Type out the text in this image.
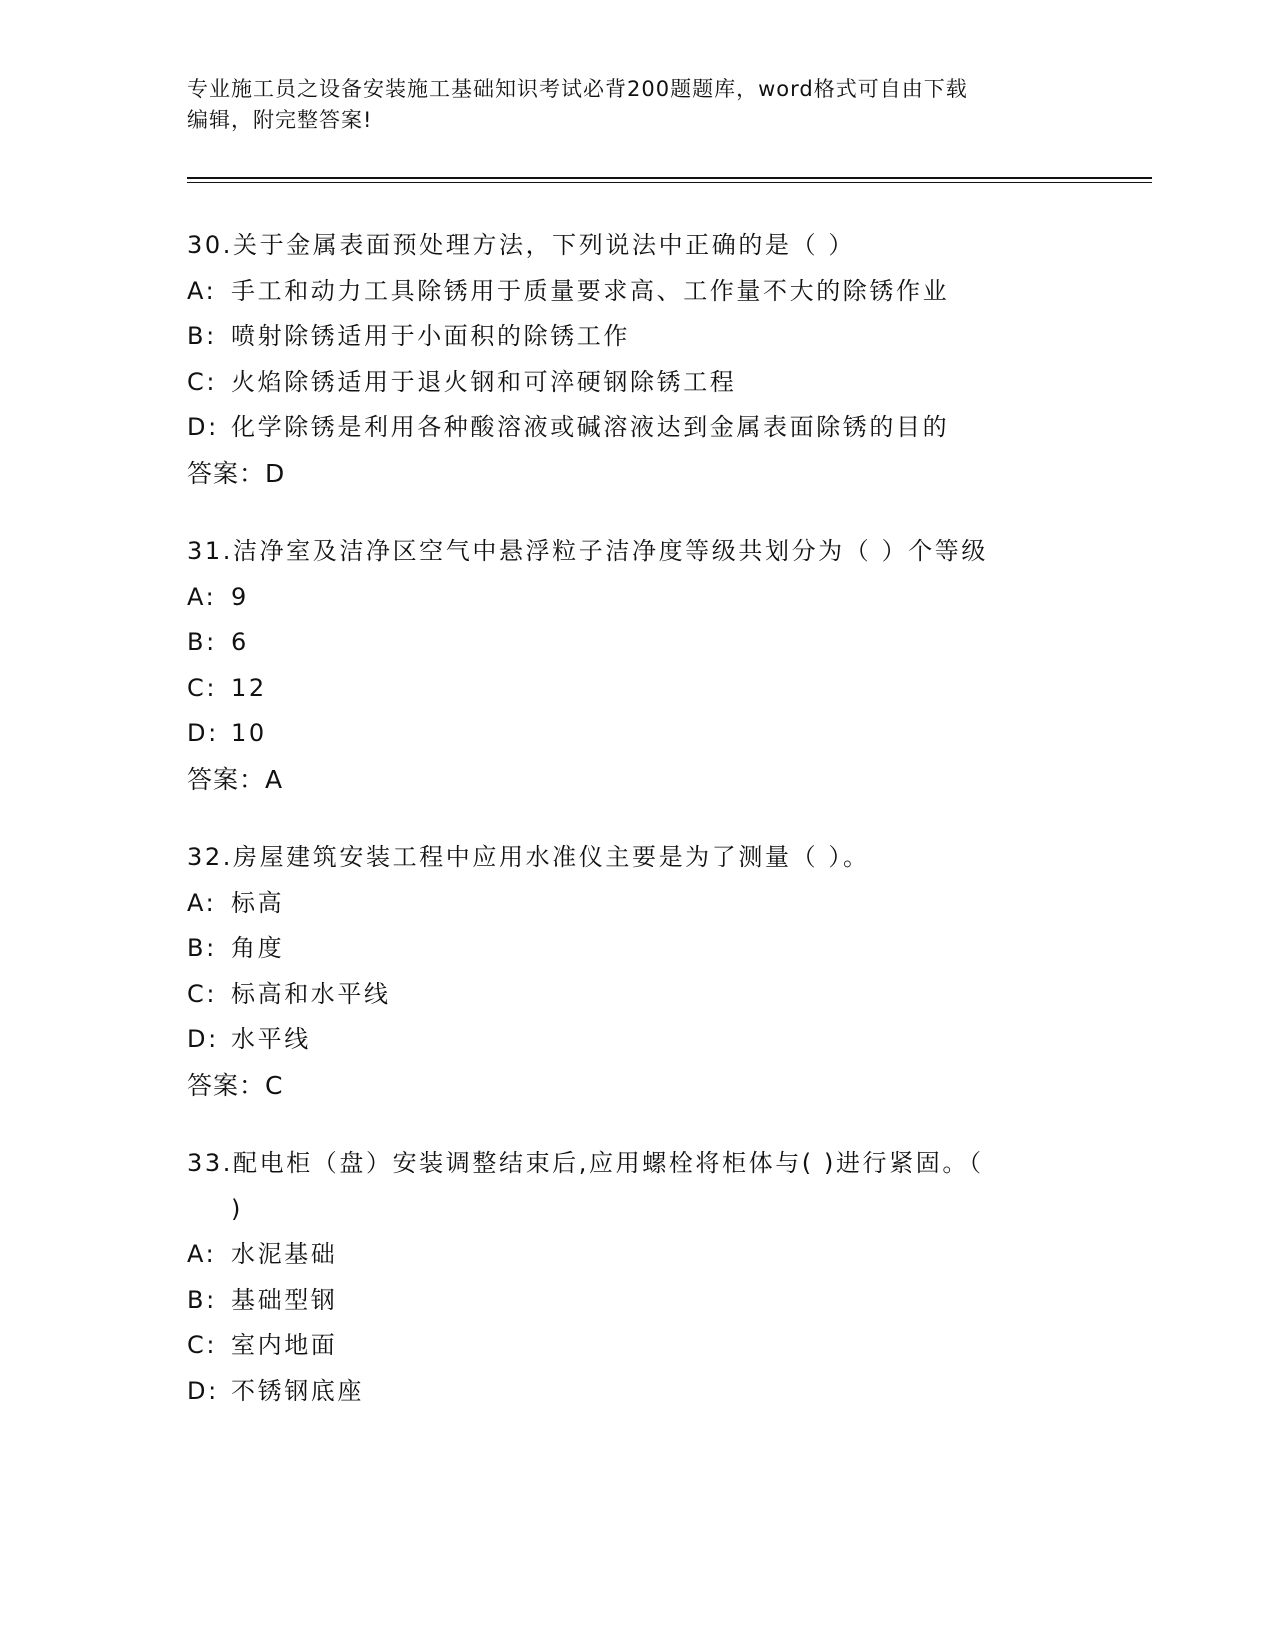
专业施工员之设备安装施工基础知识考试必背200题题库，word格式可自由下载
编辑，附完整答案!
30.关于金属表面预处理方法，下列说法中正确的是（ ）
A: 手工和动力工具除锈用于质量要求高、工作量不大的除锈作业
B: 喷射除锈适用于小面积的除锈工作
C: 火焰除锈适用于退火钢和可淬硬钢除锈工程
D: 化学除锈是利用各种酸溶液或碱溶液达到金属表面除锈的目的
答案：D
31.洁净室及洁净区空气中悬浮粒子洁净度等级共划分为（ ）个等级
A: 9
B: 6
C: 12
D: 10
答案：A
32.房屋建筑安装工程中应用水准仪主要是为了测量（ ）。
A: 标高
B: 角度
C: 标高和水平线
D: 水平线
答案：C
33.配电柜（盘）安装调整结束后,应用螺栓将柜体与( )进行紧固。（
)
A: 水泥基础
B: 基础型钢
C: 室内地面
D: 不锈钢底座
